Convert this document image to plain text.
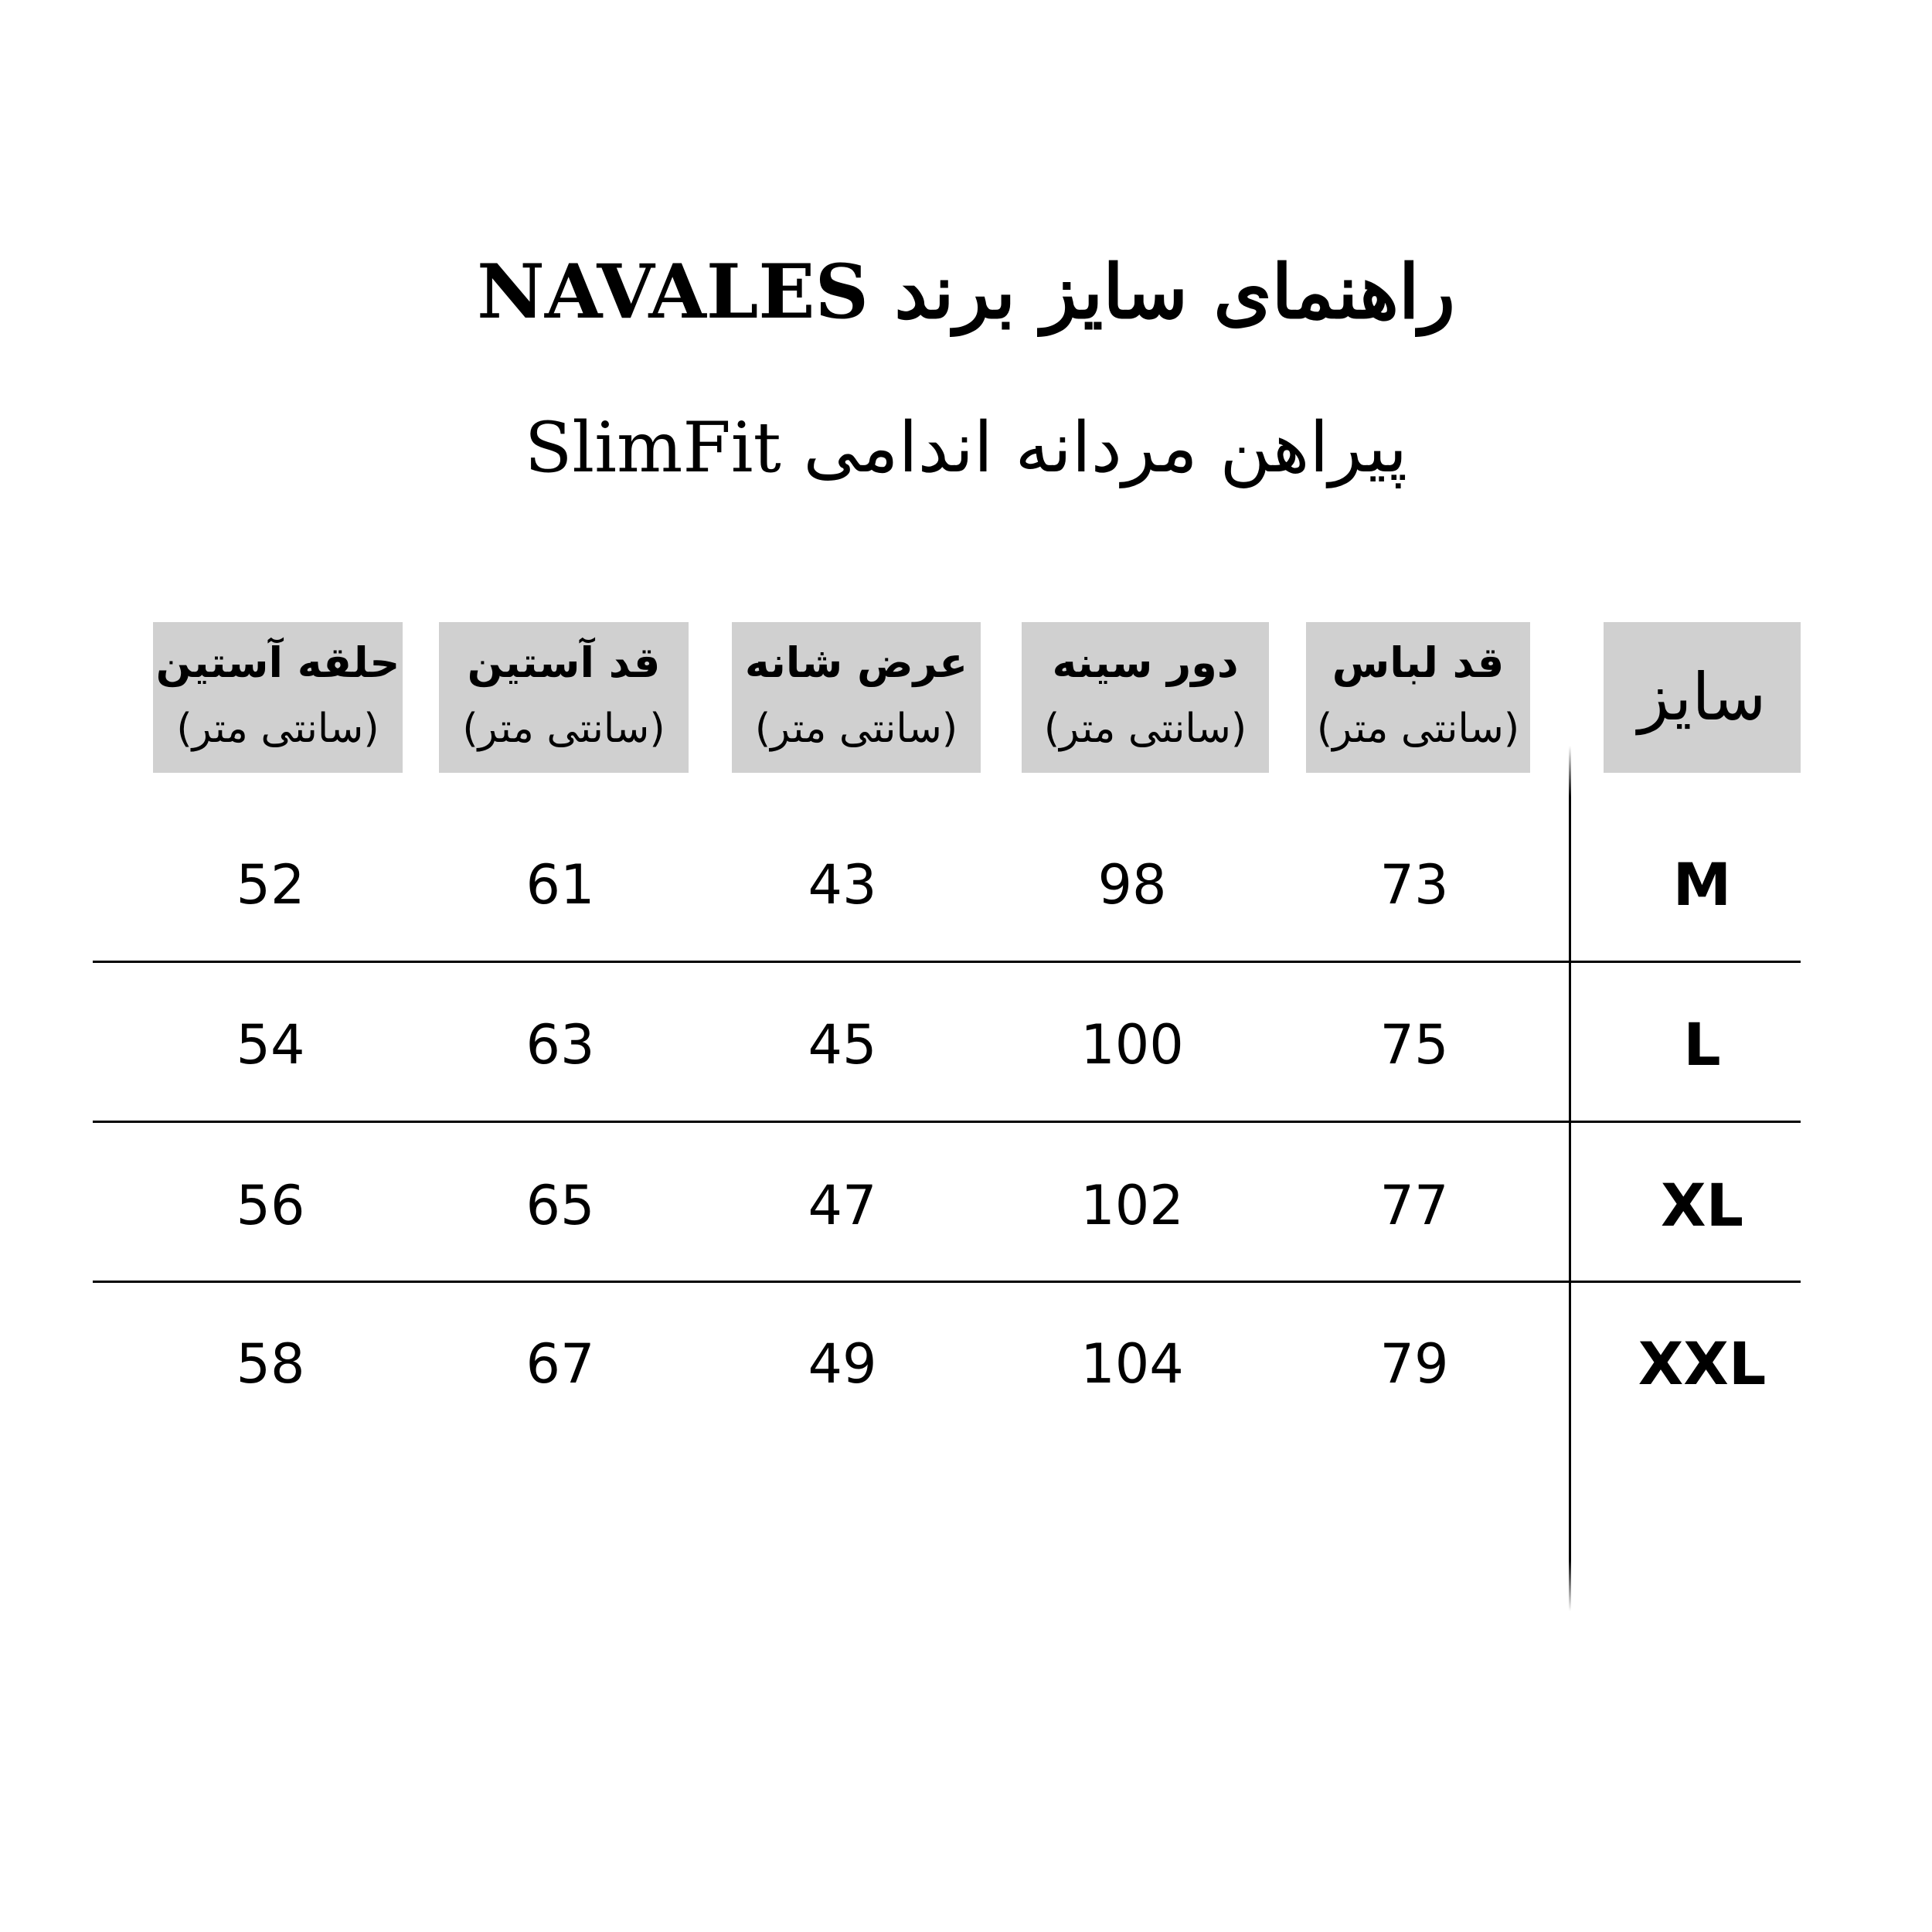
راهنمای سایز برند NAVALES
پیراهن مردانه اندامی SlimFit
سایز
قد لباس
(سانتی متر)
دور سینه
(سانتی متر)
عرض شانه
(سانتی متر)
قد آستین
(سانتی متر)
حلقه آستین
(سانتی متر)
M
73
98
43
61
52
L
75
100
45
63
54
XL
77
102
47
65
56
XXL
79
104
49
67
58
